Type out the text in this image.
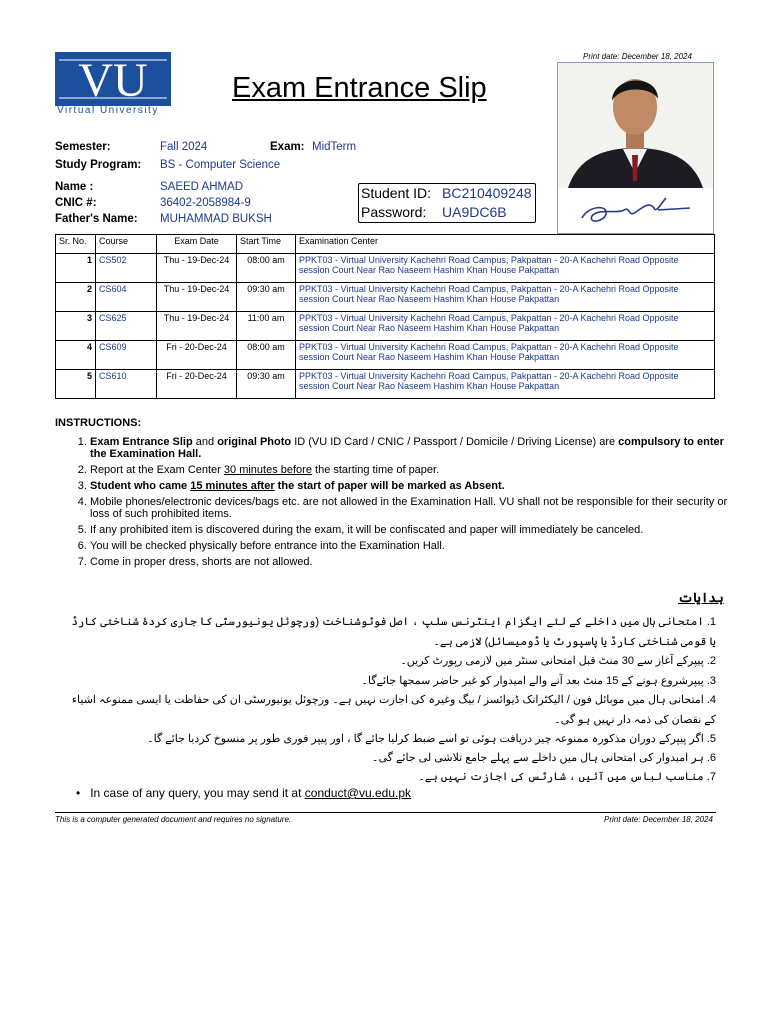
Print date: December 18, 2024
VU
Virtual University
Exam Entrance Slip
Semester:	Fall 2024	Exam: MidTerm
Study Program: BS - Computer Science
Name :	SAEED AHMAD
CNIC #:	36402-2058984-9
Father's Name: MUHAMMAD BUKSH
Student ID: BC210409248
Password: UA9DC6B
Sr. No.	Course	Exam Date	Start Time	Examination Center
1	CS502	Thu - 19-Dec-24	08:00 am	PPKT03 - Virtual University Kachehri Road Campus, Pakpattan - 20-A Kachehri Road Opposite session Court Near Rao Naseem Hashim Khan House Pakpattan
2	CS604	Thu - 19-Dec-24	09:30 am	PPKT03 - Virtual University Kachehri Road Campus, Pakpattan - 20-A Kachehri Road Opposite session Court Near Rao Naseem Hashim Khan House Pakpattan
3	CS625	Thu - 19-Dec-24	11:00 am	PPKT03 - Virtual University Kachehri Road Campus, Pakpattan - 20-A Kachehri Road Opposite session Court Near Rao Naseem Hashim Khan House Pakpattan
4	CS609	Fri - 20-Dec-24	08:00 am	PPKT03 - Virtual University Kachehri Road Campus, Pakpattan - 20-A Kachehri Road Opposite session Court Near Rao Naseem Hashim Khan House Pakpattan
5	CS610	Fri - 20-Dec-24	09:30 am	PPKT03 - Virtual University Kachehri Road Campus, Pakpattan - 20-A Kachehri Road Opposite session Court Near Rao Naseem Hashim Khan House Pakpattan
INSTRUCTIONS:
1. Exam Entrance Slip and original Photo ID (VU ID Card / CNIC / Passport / Domicile / Driving License) are compulsory to enter the Examination Hall.
2. Report at the Exam Center 30 minutes before the starting time of paper.
3. Student who came 15 minutes after the start of paper will be marked as Absent.
4. Mobile phones/electronic devices/bags etc. are not allowed in the Examination Hall. VU shall not be responsible for their security or loss of such prohibited items.
5. If any prohibited item is discovered during the exam, it will be confiscated and paper will immediately be canceled.
6. You will be checked physically before entrance into the Examination Hall.
7. Come in proper dress, shorts are not allowed.
ہدایات
1. امتحانی ہال میں داخلے کے لئے ایگزام اینٹرنس سلپ ، اصل فوٹوشناخت (ورچوئل یونیورسٹی کا جاری کردۂ شناختی کارڈ یا قومی شناختی کارڈ یا پاسپورٹ یا ڈومیسائل) لازمی ہے۔
2. پیپرکے آغاز سے 30 منٹ قبل امتحانی سنٹر میں لازمی رپورٹ کریں۔
3. پیپرشروع ہونے کے 15 منٹ بعد آنے والے امیدوار کو غیر حاضر سمجھا جائےگا۔
4. امتحانی ہال میں موبائل فون / الیکٹرانک ڈیوائسز / بیگ وغیرہ کی اجازت نہیں ہے۔ ورچوئل یونیورسٹی ان کی حفاظت یا ایسی ممنوعہ اشیاء کے نقصان کی ذمہ دار نہیں ہو گی۔
5. اگر پیپرکے دوران مذکورہ ممنوعہ چیز دریافت ہوئی تو اسے ضبط کرلیا جائے گا ، اور پیپر فوری طور پر منسوخ کردیا جائے گا۔
6. ہر امیدوار کی امتحانی ہال میں داخلے سے پہلے جامع تلاشی لی جائے گی۔
7. مناسب لباس میں آئیں ، شارٹس کی اجازت نہیں ہے۔
•   In case of any query, you may send it at conduct@vu.edu.pk
This is a computer generated document and requires no signature.	Print date: December 18, 2024
